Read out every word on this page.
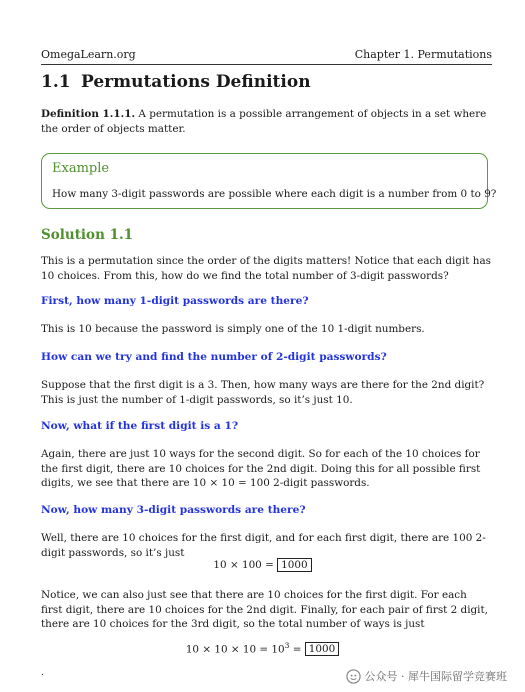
OmegaLearn.org	Chapter 1. Permutations
1.1 Permutations Definition

Definition 1.1.1. A permutation is a possible arrangement of objects in a set where the order of objects matter.

Example

How many 3-digit passwords are possible where each digit is a number from 0 to 9?

Solution 1.1

This is a permutation since the order of the digits matters! Notice that each digit has 10 choices. From this, how do we find the total number of 3-digit passwords?

First, how many 1-digit passwords are there?

This is 10 because the password is simply one of the 10 1-digit numbers.

How can we try and find the number of 2-digit passwords?

Suppose that the first digit is a 3. Then, how many ways are there for the 2nd digit? This is just the number of 1-digit passwords, so it’s just 10.

Now, what if the first digit is a 1?

Again, there are just 10 ways for the second digit. So for each of the 10 choices for the first digit, there are 10 choices for the 2nd digit. Doing this for all possible first digits, we see that there are 10 × 10 = 100 2-digit passwords.

Now, how many 3-digit passwords are there?

Well, there are 10 choices for the first digit, and for each first digit, there are 100 2-digit passwords, so it’s just

10 × 100 = 1000

Notice, we can also just see that there are 10 choices for the first digit. For each first digit, there are 10 choices for the 2nd digit. Finally, for each pair of first 2 digit, there are 10 choices for the 3rd digit, so the total number of ways is just

$10 \times 10 \times 10 = 10^3 = 1000$

.	公众号 · 犀牛国际留学竞赛班
